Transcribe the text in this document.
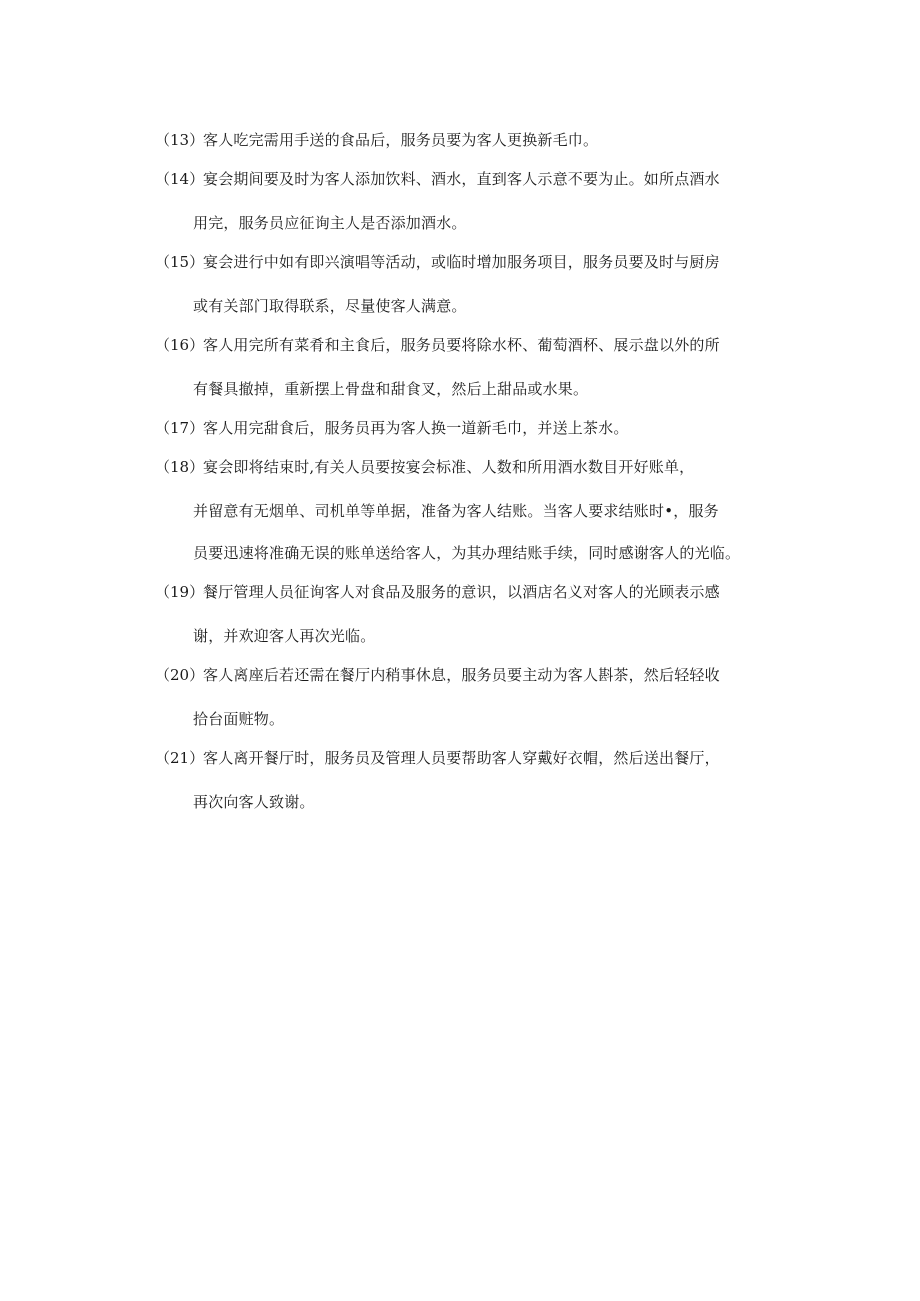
（13）客人吃完需用手送的食品后，服务员要为客人更换新毛巾。
（14）宴会期间要及时为客人添加饮料、酒水，直到客人示意不要为止。如所点酒水
用完，服务员应征询主人是否添加酒水。
（15）宴会进行中如有即兴演唱等活动，或临时增加服务项目，服务员要及时与厨房
或有关部门取得联系，尽量使客人满意。
（16）客人用完所有菜肴和主食后，服务员要将除水杯、葡萄酒杯、展示盘以外的所
有餐具撤掉，重新摆上骨盘和甜食叉，然后上甜品或水果。
（17）客人用完甜食后，服务员再为客人换一道新毛巾，并送上茶水。
（18）宴会即将结束时,有关人员要按宴会标准、人数和所用酒水数目开好账单，
并留意有无烟单、司机单等单据，准备为客人结账。当客人要求结账时•，服务
员要迅速将准确无误的账单送给客人，为其办理结账手续，同时感谢客人的光临。
（19）餐厅管理人员征询客人对食品及服务的意识，以酒店名义对客人的光顾表示感
谢，并欢迎客人再次光临。
（20）客人离座后若还需在餐厅内稍事休息，服务员要主动为客人斟茶，然后轻轻收
拾台面赃物。
（21）客人离开餐厅时，服务员及管理人员要帮助客人穿戴好衣帽，然后送出餐厅，
再次向客人致谢。
